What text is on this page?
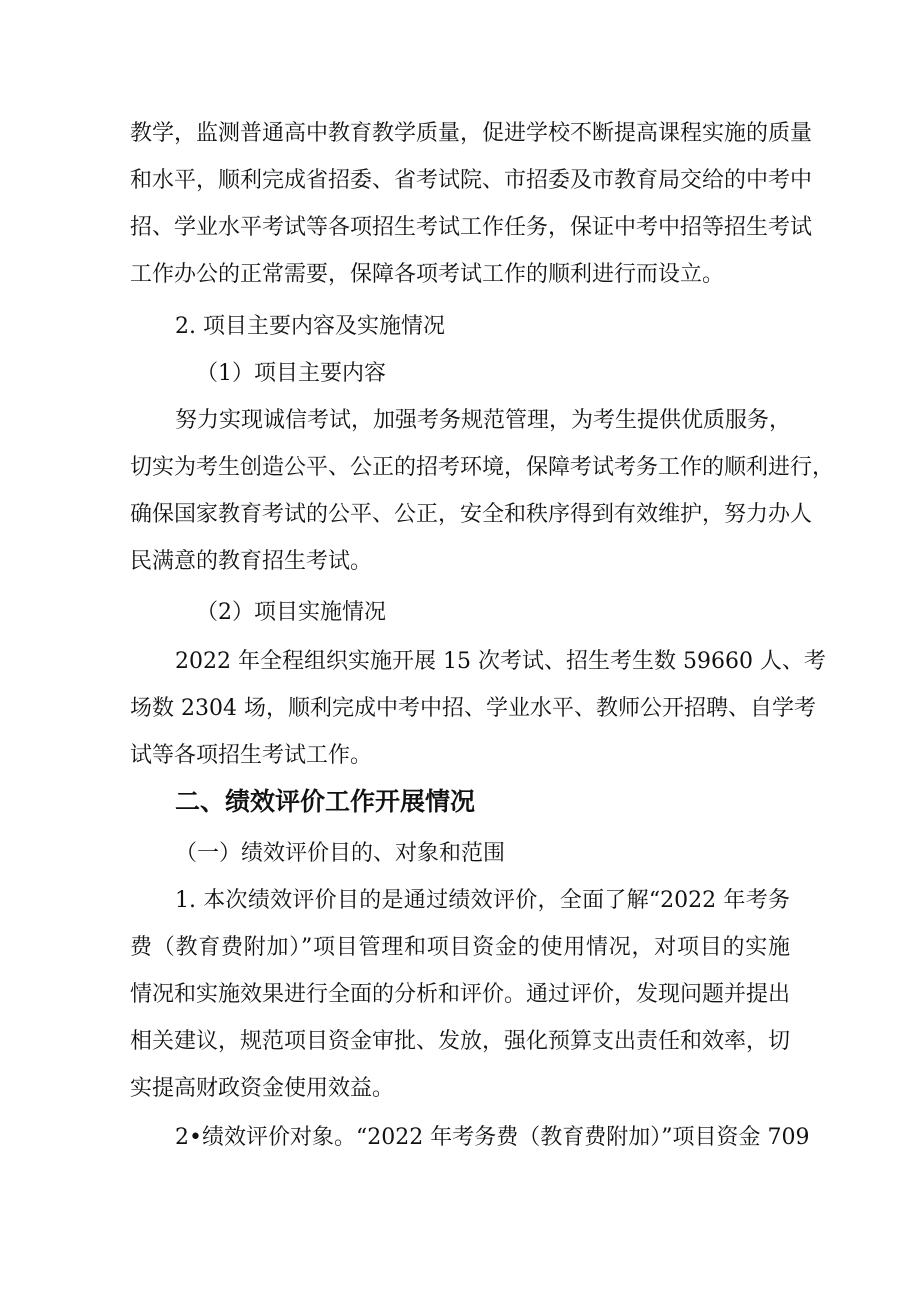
教学，监测普通高中教育教学质量，促进学校不断提高课程实施的质量
和水平，顺利完成省招委、省考试院、市招委及市教育局交给的中考中
招、学业水平考试等各项招生考试工作任务，保证中考中招等招生考试
工作办公的正常需要，保障各项考试工作的顺利进行而设立。
2. 项目主要内容及实施情况
（1）项目主要内容
努力实现诚信考试，加强考务规范管理，为考生提供优质服务，
切实为考生创造公平、公正的招考环境，保障考试考务工作的顺利进行，
确保国家教育考试的公平、公正，安全和秩序得到有效维护，努力办人
民满意的教育招生考试。
（2）项目实施情况
2022 年全程组织实施开展 15 次考试、招生考生数 59660 人、考
场数 2304 场，顺利完成中考中招、学业水平、教师公开招聘、自学考
试等各项招生考试工作。
二、绩效评价工作开展情况
（一）绩效评价目的、对象和范围
1. 本次绩效评价目的是通过绩效评价，全面了解“2022 年考务
费（教育费附加）”项目管理和项目资金的使用情况，对项目的实施
情况和实施效果进行全面的分析和评价。通过评价，发现问题并提出
相关建议，规范项目资金审批、发放，强化预算支出责任和效率，切
实提高财政资金使用效益。
2•绩效评价对象。“2022 年考务费（教育费附加）”项目资金 709
